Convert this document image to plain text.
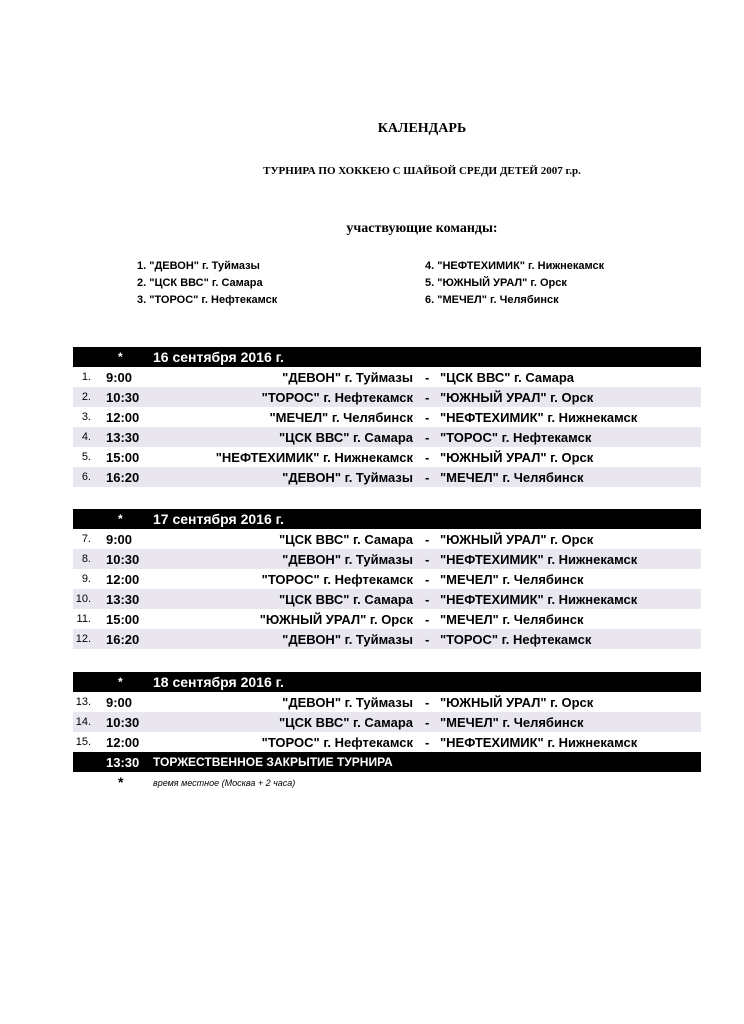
КАЛЕНДАРЬ
ТУРНИРА ПО ХОККЕЮ С ШАЙБОЙ СРЕДИ ДЕТЕЙ 2007 г.р.
участвующие команды:
1. "ДЕВОН" г. Туймазы
2. "ЦСК ВВС" г. Самара
3. "ТОРОС" г. Нефтекамск
4. "НЕФТЕХИМИК" г. Нижнекамск
5. "ЮЖНЫЙ УРАЛ" г. Орск
6. "МЕЧЕЛ" г. Челябинск
* 16 сентября 2016 г.
1. 9:00	"ДЕВОН" г. Туймазы - "ЦСК ВВС" г. Самара
2. 10:30	"ТОРОС" г. Нефтекамск - "ЮЖНЫЙ УРАЛ" г. Орск
3. 12:00	"МЕЧЕЛ" г. Челябинск - "НЕФТЕХИМИК" г. Нижнекамск
4. 13:30	"ЦСК ВВС" г. Самара - "ТОРОС" г. Нефтекамск
5. 15:00	"НЕФТЕХИМИК" г. Нижнекамск - "ЮЖНЫЙ УРАЛ" г. Орск
6. 16:20	"ДЕВОН" г. Туймазы - "МЕЧЕЛ" г. Челябинск
* 17 сентября 2016 г.
7. 9:00	"ЦСК ВВС" г. Самара - "ЮЖНЫЙ УРАЛ" г. Орск
8. 10:30	"ДЕВОН" г. Туймазы - "НЕФТЕХИМИК" г. Нижнекамск
9. 12:00	"ТОРОС" г. Нефтекамск - "МЕЧЕЛ" г. Челябинск
10. 13:30	"ЦСК ВВС" г. Самара - "НЕФТЕХИМИК" г. Нижнекамск
11. 15:00	"ЮЖНЫЙ УРАЛ" г. Орск - "МЕЧЕЛ" г. Челябинск
12. 16:20	"ДЕВОН" г. Туймазы - "ТОРОС" г. Нефтекамск
* 18 сентября 2016 г.
13. 9:00	"ДЕВОН" г. Туймазы - "ЮЖНЫЙ УРАЛ" г. Орск
14. 10:30	"ЦСК ВВС" г. Самара - "МЕЧЕЛ" г. Челябинск
15. 12:00	"ТОРОС" г. Нефтекамск - "НЕФТЕХИМИК" г. Нижнекамск
13:30 ТОРЖЕСТВЕННОЕ ЗАКРЫТИЕ ТУРНИРА
*	время местное (Москва + 2 часа)
